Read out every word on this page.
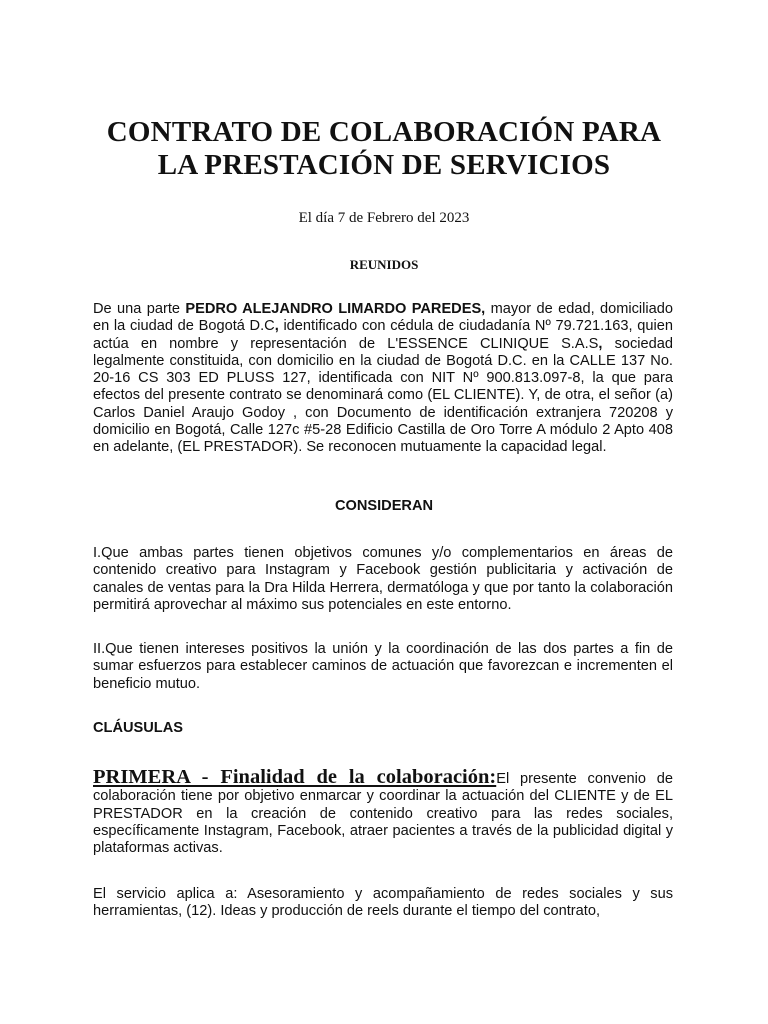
CONTRATO DE COLABORACIÓN PARA
LA PRESTACIÓN DE SERVICIOS

El día 7 de Febrero del 2023

REUNIDOS

De una parte PEDRO ALEJANDRO LIMARDO PAREDES, mayor de edad, domiciliado en la ciudad de Bogotá D.C, identificado con cédula de ciudadanía Nº 79.721.163, quien actúa en nombre y representación de L'ESSENCE CLINIQUE S.A.S, sociedad legalmente constituida, con domicilio en la ciudad de Bogotá D.C. en la CALLE 137 No. 20-16 CS 303 ED PLUSS 127, identificada con NIT Nº 900.813.097-8, la que para efectos del presente contrato se denominará como (EL CLIENTE). Y, de otra, el señor (a) Carlos Daniel Araujo Godoy , con Documento de identificación extranjera 720208 y domicilio en Bogotá, Calle 127c #5-28 Edificio Castilla de Oro Torre A módulo 2 Apto 408 en adelante, (EL PRESTADOR). Se reconocen mutuamente la capacidad legal.

CONSIDERAN

I.Que ambas partes tienen objetivos comunes y/o complementarios en áreas de contenido creativo para Instagram y Facebook gestión publicitaria y activación de canales de ventas para la Dra Hilda Herrera, dermatóloga y que por tanto la colaboración permitirá aprovechar al máximo sus potenciales en este entorno.

II.Que tienen intereses positivos la unión y la coordinación de las dos partes a fin de sumar esfuerzos para establecer caminos de actuación que favorezcan e incrementen el beneficio mutuo.

CLÁUSULAS

PRIMERA - Finalidad de la colaboración:El presente convenio de colaboración tiene por objetivo enmarcar y coordinar la actuación del CLIENTE y de EL PRESTADOR en la creación de contenido creativo para las redes sociales, específicamente Instagram, Facebook, atraer pacientes a través de la publicidad digital y plataformas activas.

El servicio aplica a: Asesoramiento y acompañamiento de redes sociales y sus herramientas, (12). Ideas y producción de reels durante el tiempo del contrato,
